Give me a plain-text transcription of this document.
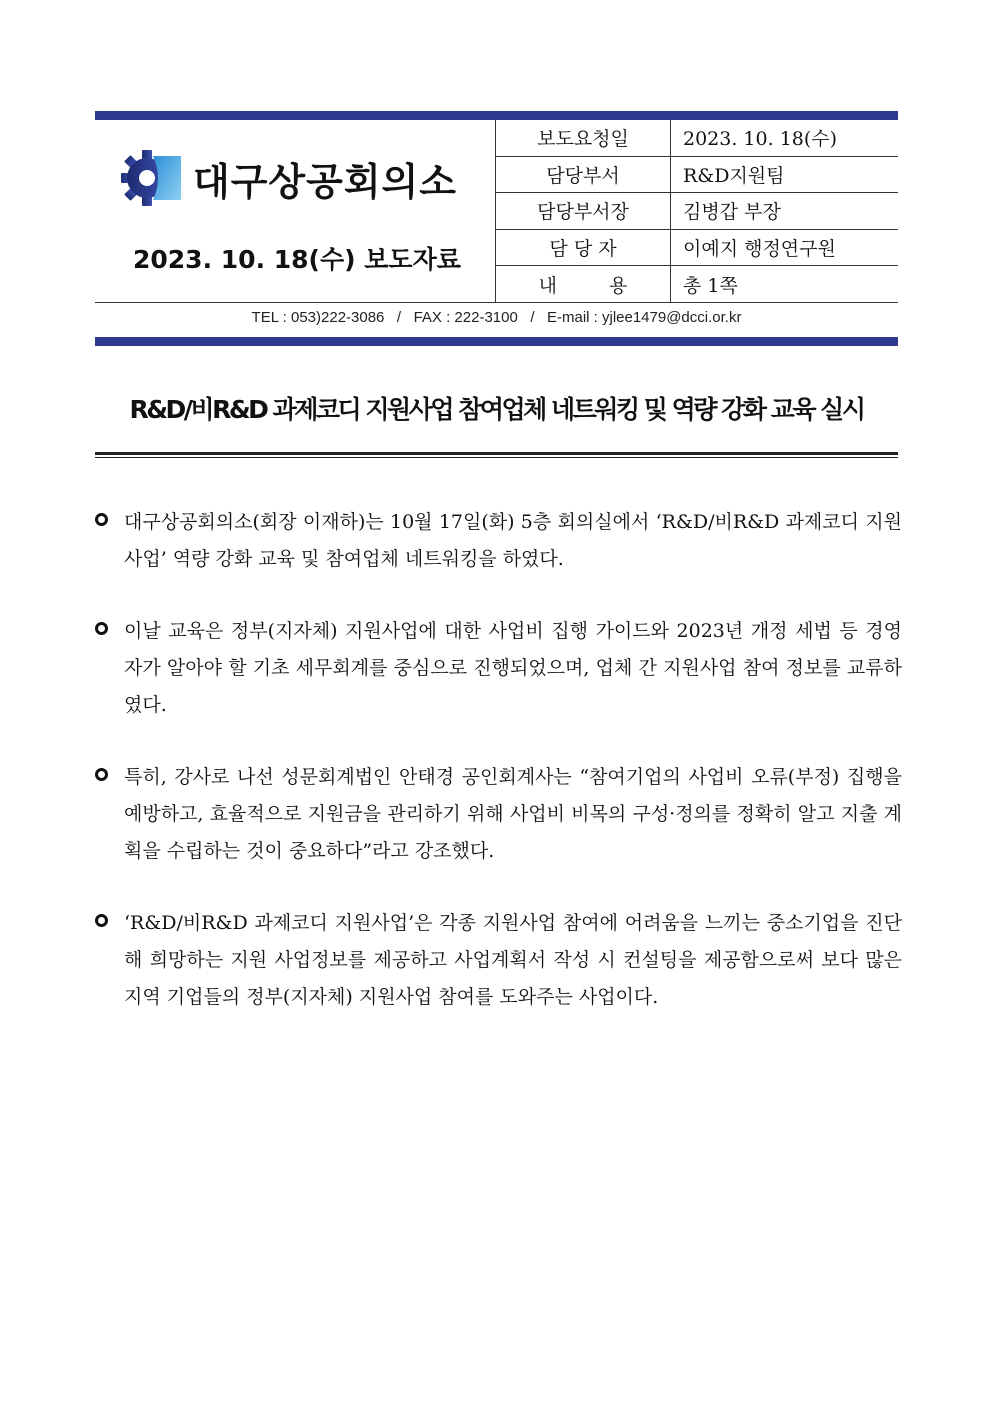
대구상공회의소
2023. 10. 18(수) 보도자료
보도요청일	2023. 10. 18(수)
담당부서	R&D지원팀
담당부서장	김병갑 부장
담 당 자	이예지 행정연구원
내 용	총 1쪽
TEL : 053)222-3086   /   FAX : 222-3100   /   E-mail : yjlee1479@dcci.or.kr
R&D/비R&D 과제코디 지원사업 참여업체 네트워킹 및 역량 강화 교육 실시

대구상공회의소(회장 이재하)는 10월 17일(화) 5층 회의실에서 ‘R&D/비R&D 과제코디 지원사업’ 역량 강화 교육 및 참여업체 네트워킹을 하였다.

이날 교육은 정부(지자체) 지원사업에 대한 사업비 집행 가이드와 2023년 개정 세법 등 경영자가 알아야 할 기초 세무회계를 중심으로 진행되었으며, 업체 간 지원사업 참여 정보를 교류하였다.

특히, 강사로 나선 성문회계법인 안태경 공인회계사는 “참여기업의 사업비 오류(부정) 집행을 예방하고, 효율적으로 지원금을 관리하기 위해 사업비 비목의 구성·정의를 정확히 알고 지출 계획을 수립하는 것이 중요하다”라고 강조했다.

‘R&D/비R&D 과제코디 지원사업’은 각종 지원사업 참여에 어려움을 느끼는 중소기업을 진단해 희망하는 지원 사업정보를 제공하고 사업계획서 작성 시 컨설팅을 제공함으로써 보다 많은 지역 기업들의 정부(지자체) 지원사업 참여를 도와주는 사업이다.
